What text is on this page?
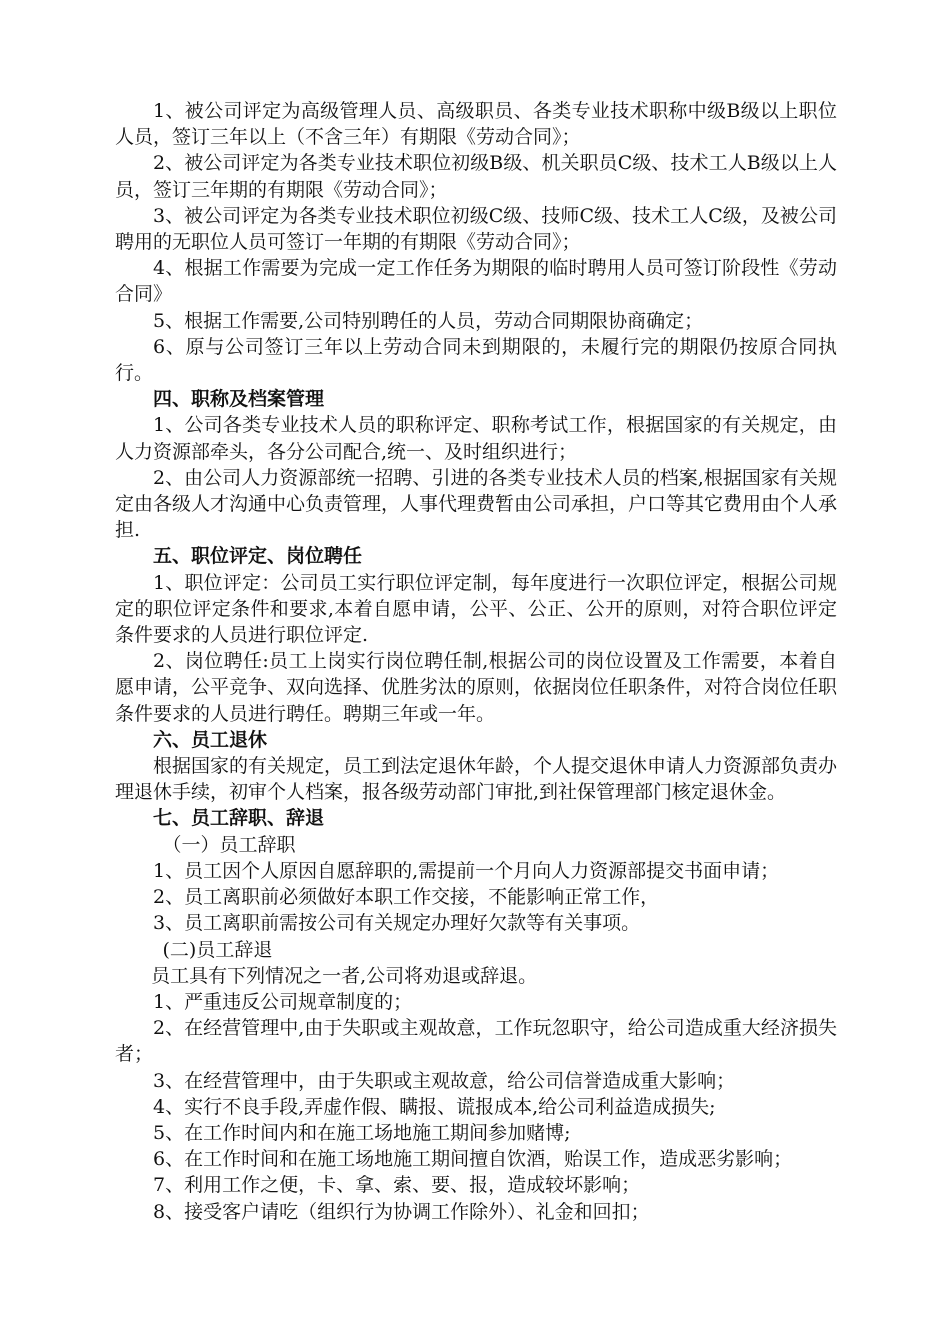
1、被公司评定为高级管理人员、高级职员、各类专业技术职称中级B级以上职位人员，签订三年以上（不含三年）有期限《劳动合同》；

2、被公司评定为各类专业技术职位初级B级、机关职员C级、技术工人B级以上人员，签订三年期的有期限《劳动合同》；

3、被公司评定为各类专业技术职位初级C级、技师C级、技术工人C级，及被公司聘用的无职位人员可签订一年期的有期限《劳动合同》；

4、根据工作需要为完成一定工作任务为期限的临时聘用人员可签订阶段性《劳动合同》

5、根据工作需要,公司特别聘任的人员，劳动合同期限协商确定；

6、原与公司签订三年以上劳动合同未到期限的，未履行完的期限仍按原合同执行。

四、职称及档案管理

1、公司各类专业技术人员的职称评定、职称考试工作，根据国家的有关规定，由人力资源部牵头，各分公司配合,统一、及时组织进行；

2、由公司人力资源部统一招聘、引进的各类专业技术人员的档案,根据国家有关规定由各级人才沟通中心负责管理，人事代理费暂由公司承担，户口等其它费用由个人承担.

五、职位评定、岗位聘任

1、职位评定：公司员工实行职位评定制，每年度进行一次职位评定，根据公司规定的职位评定条件和要求,本着自愿申请，公平、公正、公开的原则，对符合职位评定条件要求的人员进行职位评定.

2、岗位聘任:员工上岗实行岗位聘任制,根据公司的岗位设置及工作需要，本着自愿申请，公平竞争、双向选择、优胜劣汰的原则，依据岗位任职条件，对符合岗位任职条件要求的人员进行聘任。聘期三年或一年。

六、员工退休

根据国家的有关规定，员工到法定退休年龄，个人提交退休申请人力资源部负责办理退休手续，初审个人档案，报各级劳动部门审批,到社保管理部门核定退休金。

七、员工辞职、辞退

（一）员工辞职

1、员工因个人原因自愿辞职的,需提前一个月向人力资源部提交书面申请；

2、员工离职前必须做好本职工作交接，不能影响正常工作，

3、员工离职前需按公司有关规定办理好欠款等有关事项。

(二)员工辞退

员工具有下列情况之一者,公司将劝退或辞退。

1、严重违反公司规章制度的；

2、在经营管理中,由于失职或主观故意，工作玩忽职守，给公司造成重大经济损失者；

3、在经营管理中，由于失职或主观故意，给公司信誉造成重大影响；

4、实行不良手段,弄虚作假、瞒报、谎报成本,给公司利益造成损失;

5、在工作时间内和在施工场地施工期间参加赌博;

6、在工作时间和在施工场地施工期间擅自饮酒，贻误工作，造成恶劣影响；

7、利用工作之便，卡、拿、索、要、报，造成较坏影响；

8、接受客户请吃（组织行为协调工作除外）、礼金和回扣；
